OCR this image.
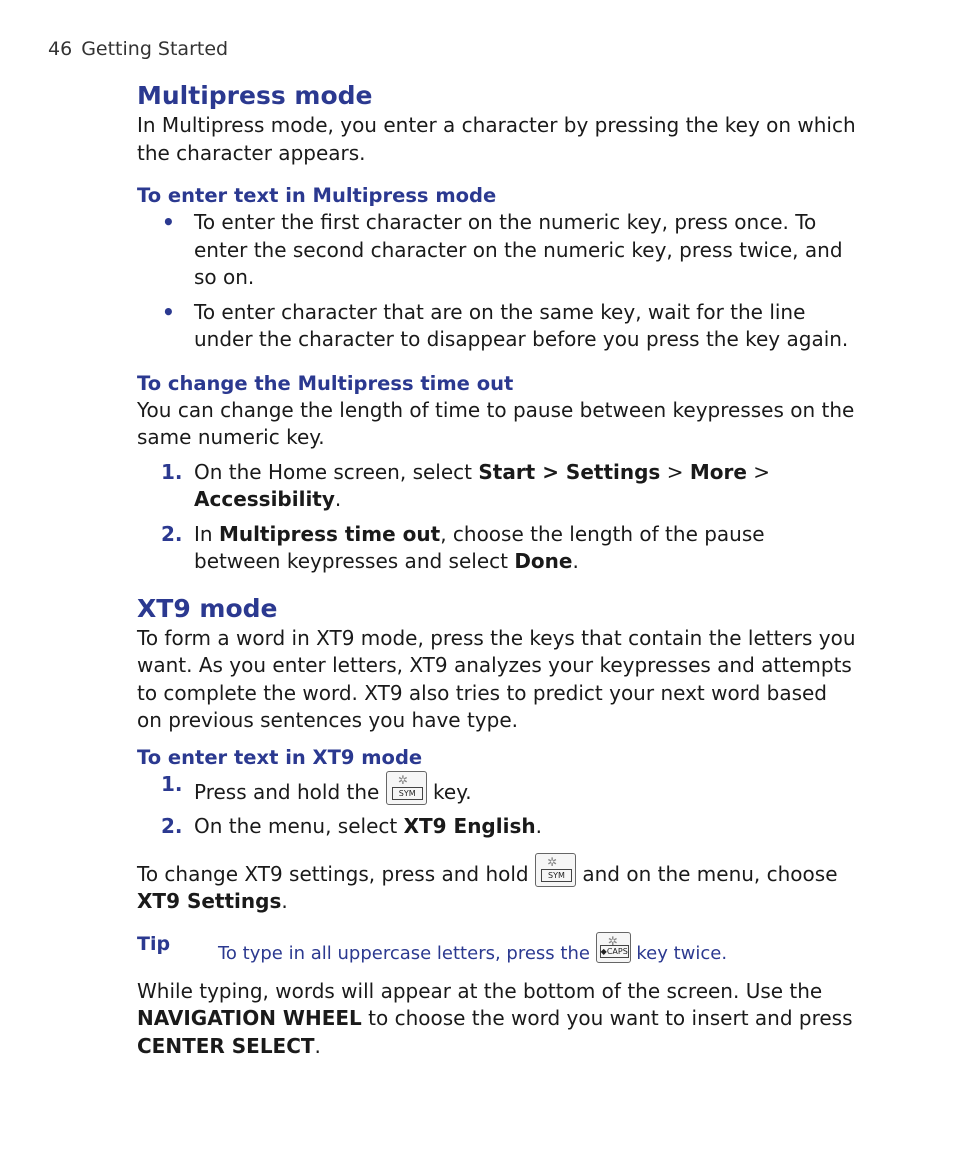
46 Getting Started
Multipress mode

In Multipress mode, you enter a character by pressing the key on which the character appears.

To enter text in Multipress mode
• To enter the first character on the numeric key, press once. To enter the second character on the numeric key, press twice, and so on.
• To enter character that are on the same key, wait for the line under the character to disappear before you press the key again.
To change the Multipress time out

You can change the length of time to pause between keypresses on the same numeric key.

1. On the Home screen, select Start > Settings > More > Accessibility.
2. In Multipress time out, choose the length of the pause between keypresses and select Done.
XT9 mode

To form a word in XT9 mode, press the keys that contain the letters you want. As you enter letters, XT9 analyzes your keypresses and attempts to complete the word. XT9 also tries to predict your next word based on previous sentences you have type.

To enter text in XT9 mode
1. Press and hold the ✲
SYM key.
2. On the menu, select XT9 English.

To change XT9 settings, press and hold ✲
SYM and on the menu, choose XT9 Settings.

Tip	To type in all uppercase letters, press the
✲
◆CAPS key twice.

While typing, words will appear at the bottom of the screen. Use the NAVIGATION WHEEL to choose the word you want to insert and press CENTER SELECT.
